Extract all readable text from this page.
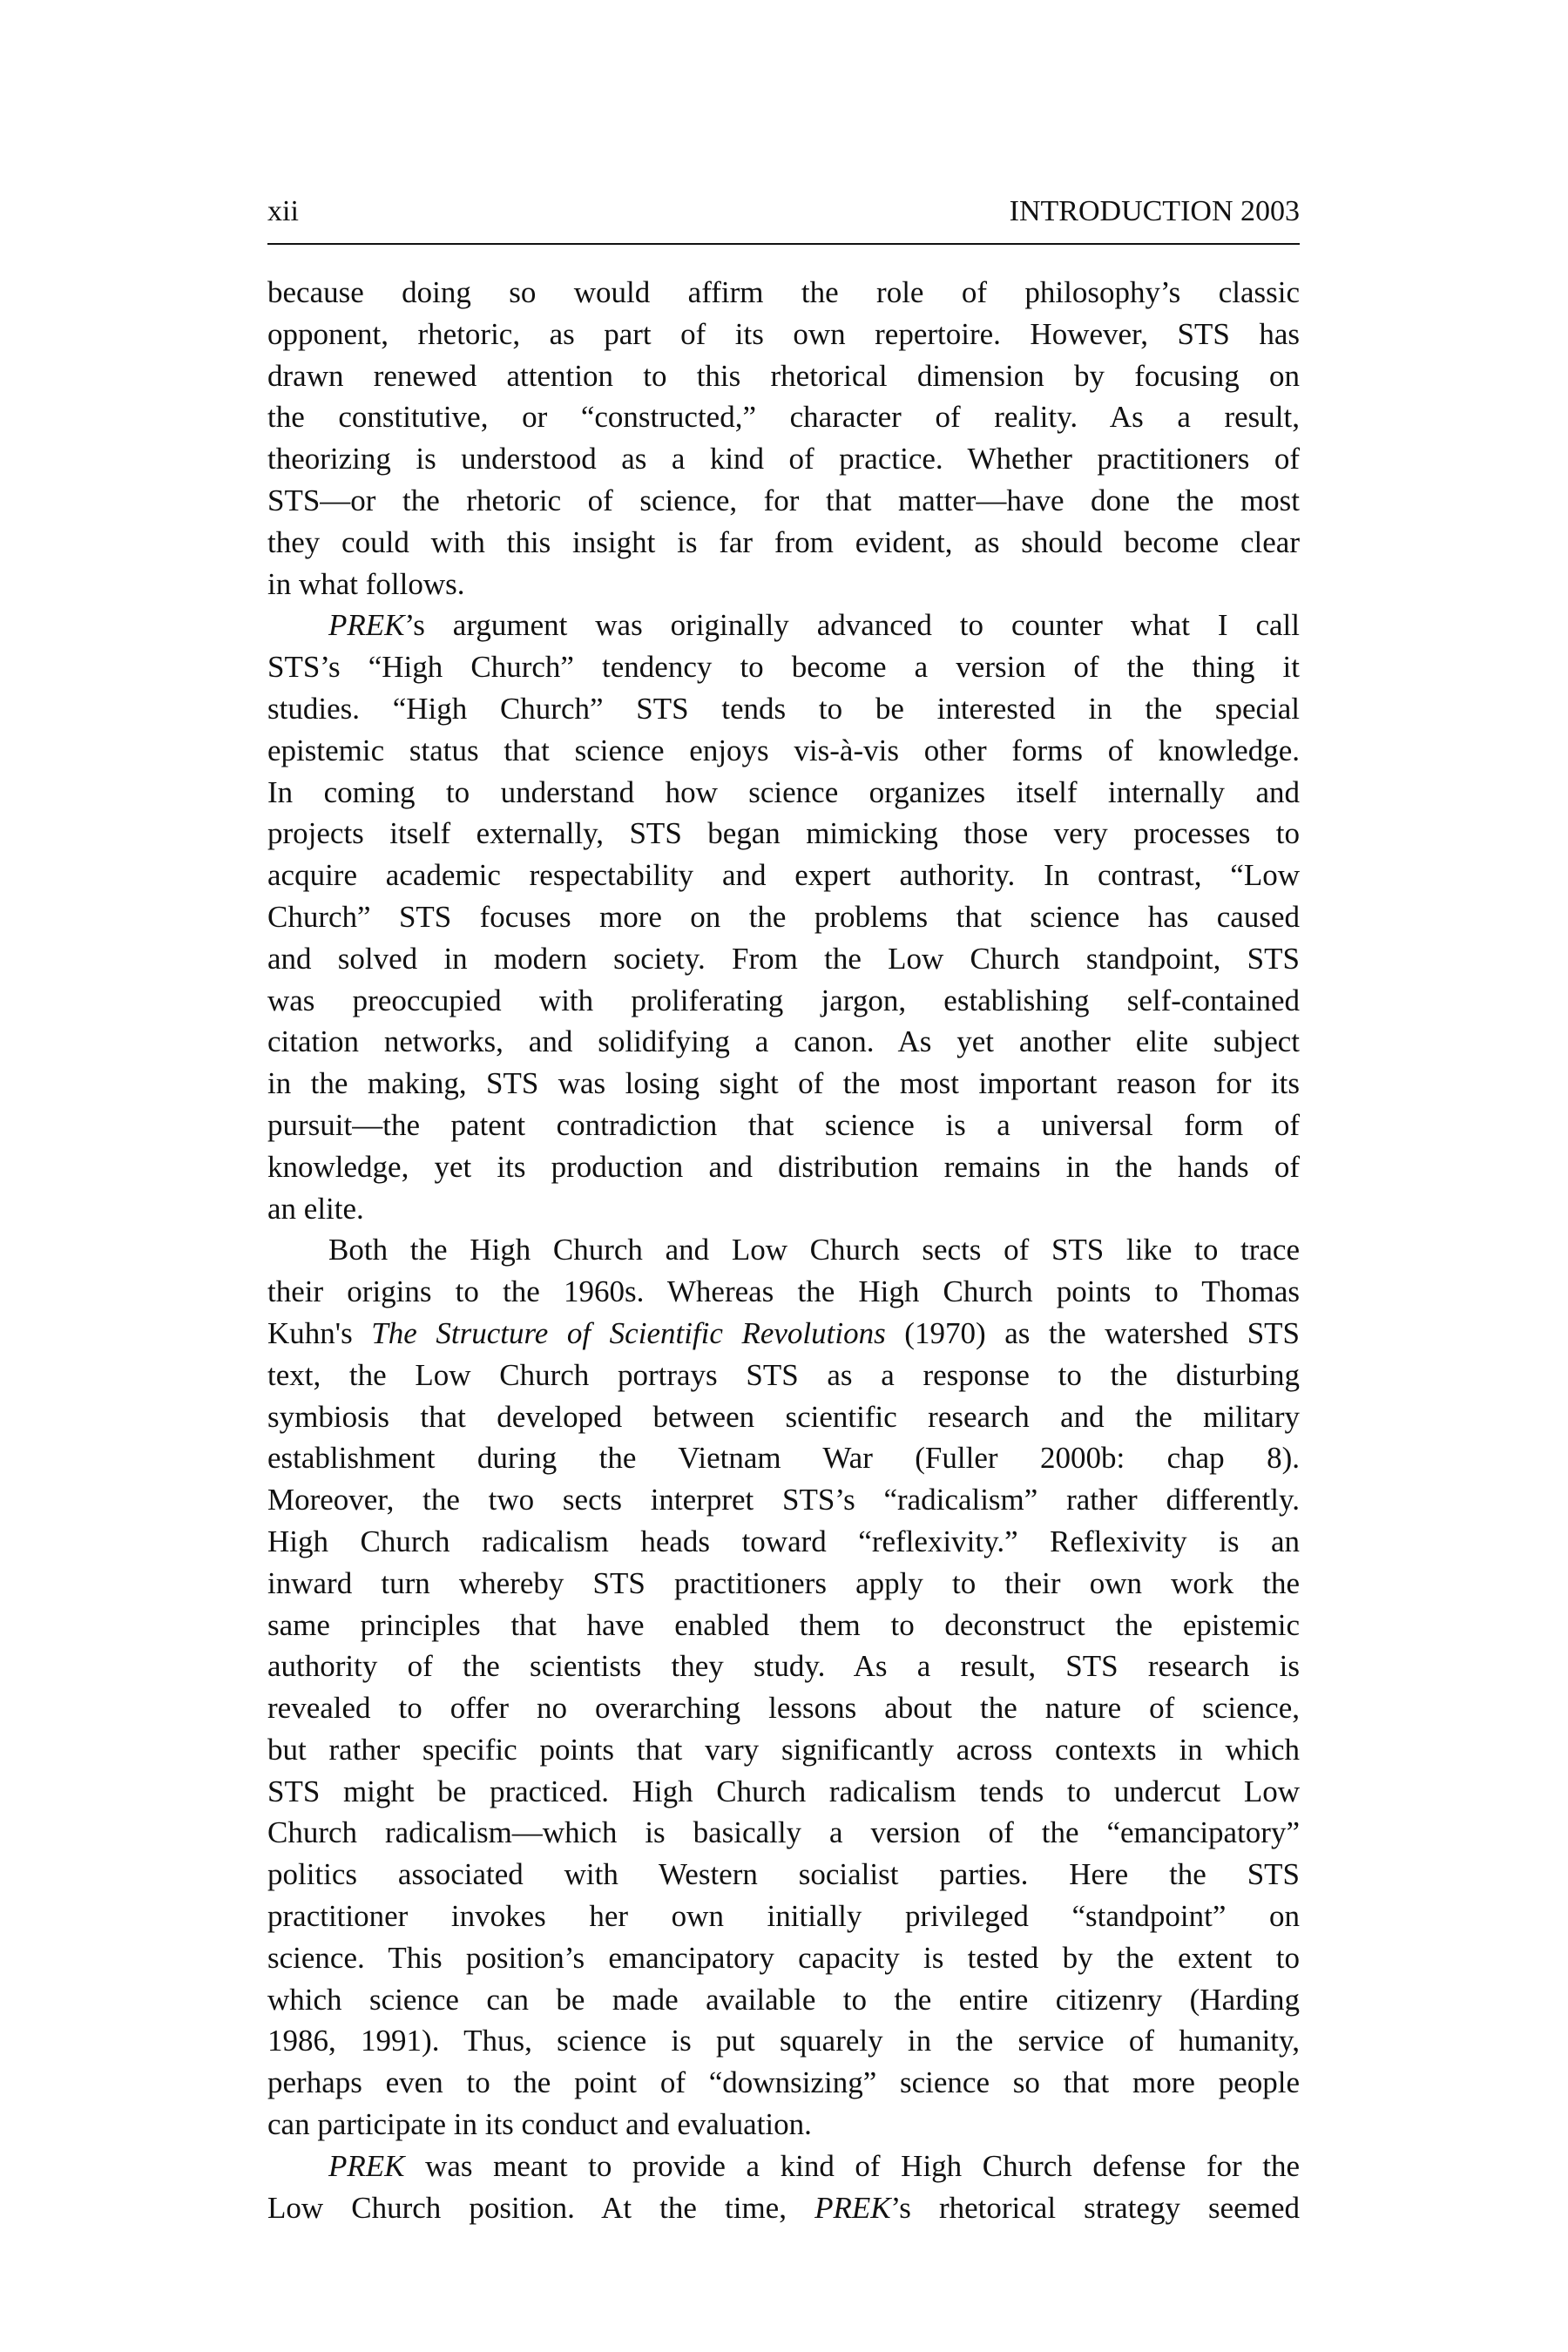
xii	INTRODUCTION 2003
because doing so would affirm the role of philosophy’s classic
opponent, rhetoric, as part of its own repertoire. However, STS has
drawn renewed attention to this rhetorical dimension by focusing on
the constitutive, or “constructed,” character of reality. As a result,
theorizing is understood as a kind of practice. Whether practitioners of
STS—or the rhetoric of science, for that matter—have done the most
they could with this insight is far from evident, as should become clear
in what follows.
PREK’s argument was originally advanced to counter what I call
STS’s “High Church” tendency to become a version of the thing it
studies. “High Church” STS tends to be interested in the special
epistemic status that science enjoys vis-à-vis other forms of knowledge.
In coming to understand how science organizes itself internally and
projects itself externally, STS began mimicking those very processes to
acquire academic respectability and expert authority. In contrast, “Low
Church” STS focuses more on the problems that science has caused
and solved in modern society. From the Low Church standpoint, STS
was preoccupied with proliferating jargon, establishing self-contained
citation networks, and solidifying a canon. As yet another elite subject
in the making, STS was losing sight of the most important reason for its
pursuit—the patent contradiction that science is a universal form of
knowledge, yet its production and distribution remains in the hands of
an elite.
Both the High Church and Low Church sects of STS like to trace
their origins to the 1960s. Whereas the High Church points to Thomas
Kuhn's The Structure of Scientific Revolutions (1970) as the watershed STS
text, the Low Church portrays STS as a response to the disturbing
symbiosis that developed between scientific research and the military
establishment during the Vietnam War (Fuller 2000b: chap 8).
Moreover, the two sects interpret STS’s “radicalism” rather differently.
High Church radicalism heads toward “reflexivity.” Reflexivity is an
inward turn whereby STS practitioners apply to their own work the
same principles that have enabled them to deconstruct the epistemic
authority of the scientists they study. As a result, STS research is
revealed to offer no overarching lessons about the nature of science,
but rather specific points that vary significantly across contexts in which
STS might be practiced. High Church radicalism tends to undercut Low
Church radicalism—which is basically a version of the “emancipatory”
politics associated with Western socialist parties. Here the STS
practitioner invokes her own initially privileged “standpoint” on
science. This position’s emancipatory capacity is tested by the extent to
which science can be made available to the entire citizenry (Harding
1986, 1991). Thus, science is put squarely in the service of humanity,
perhaps even to the point of “downsizing” science so that more people
can participate in its conduct and evaluation.
PREK was meant to provide a kind of High Church defense for the
Low Church position. At the time, PREK’s rhetorical strategy seemed
